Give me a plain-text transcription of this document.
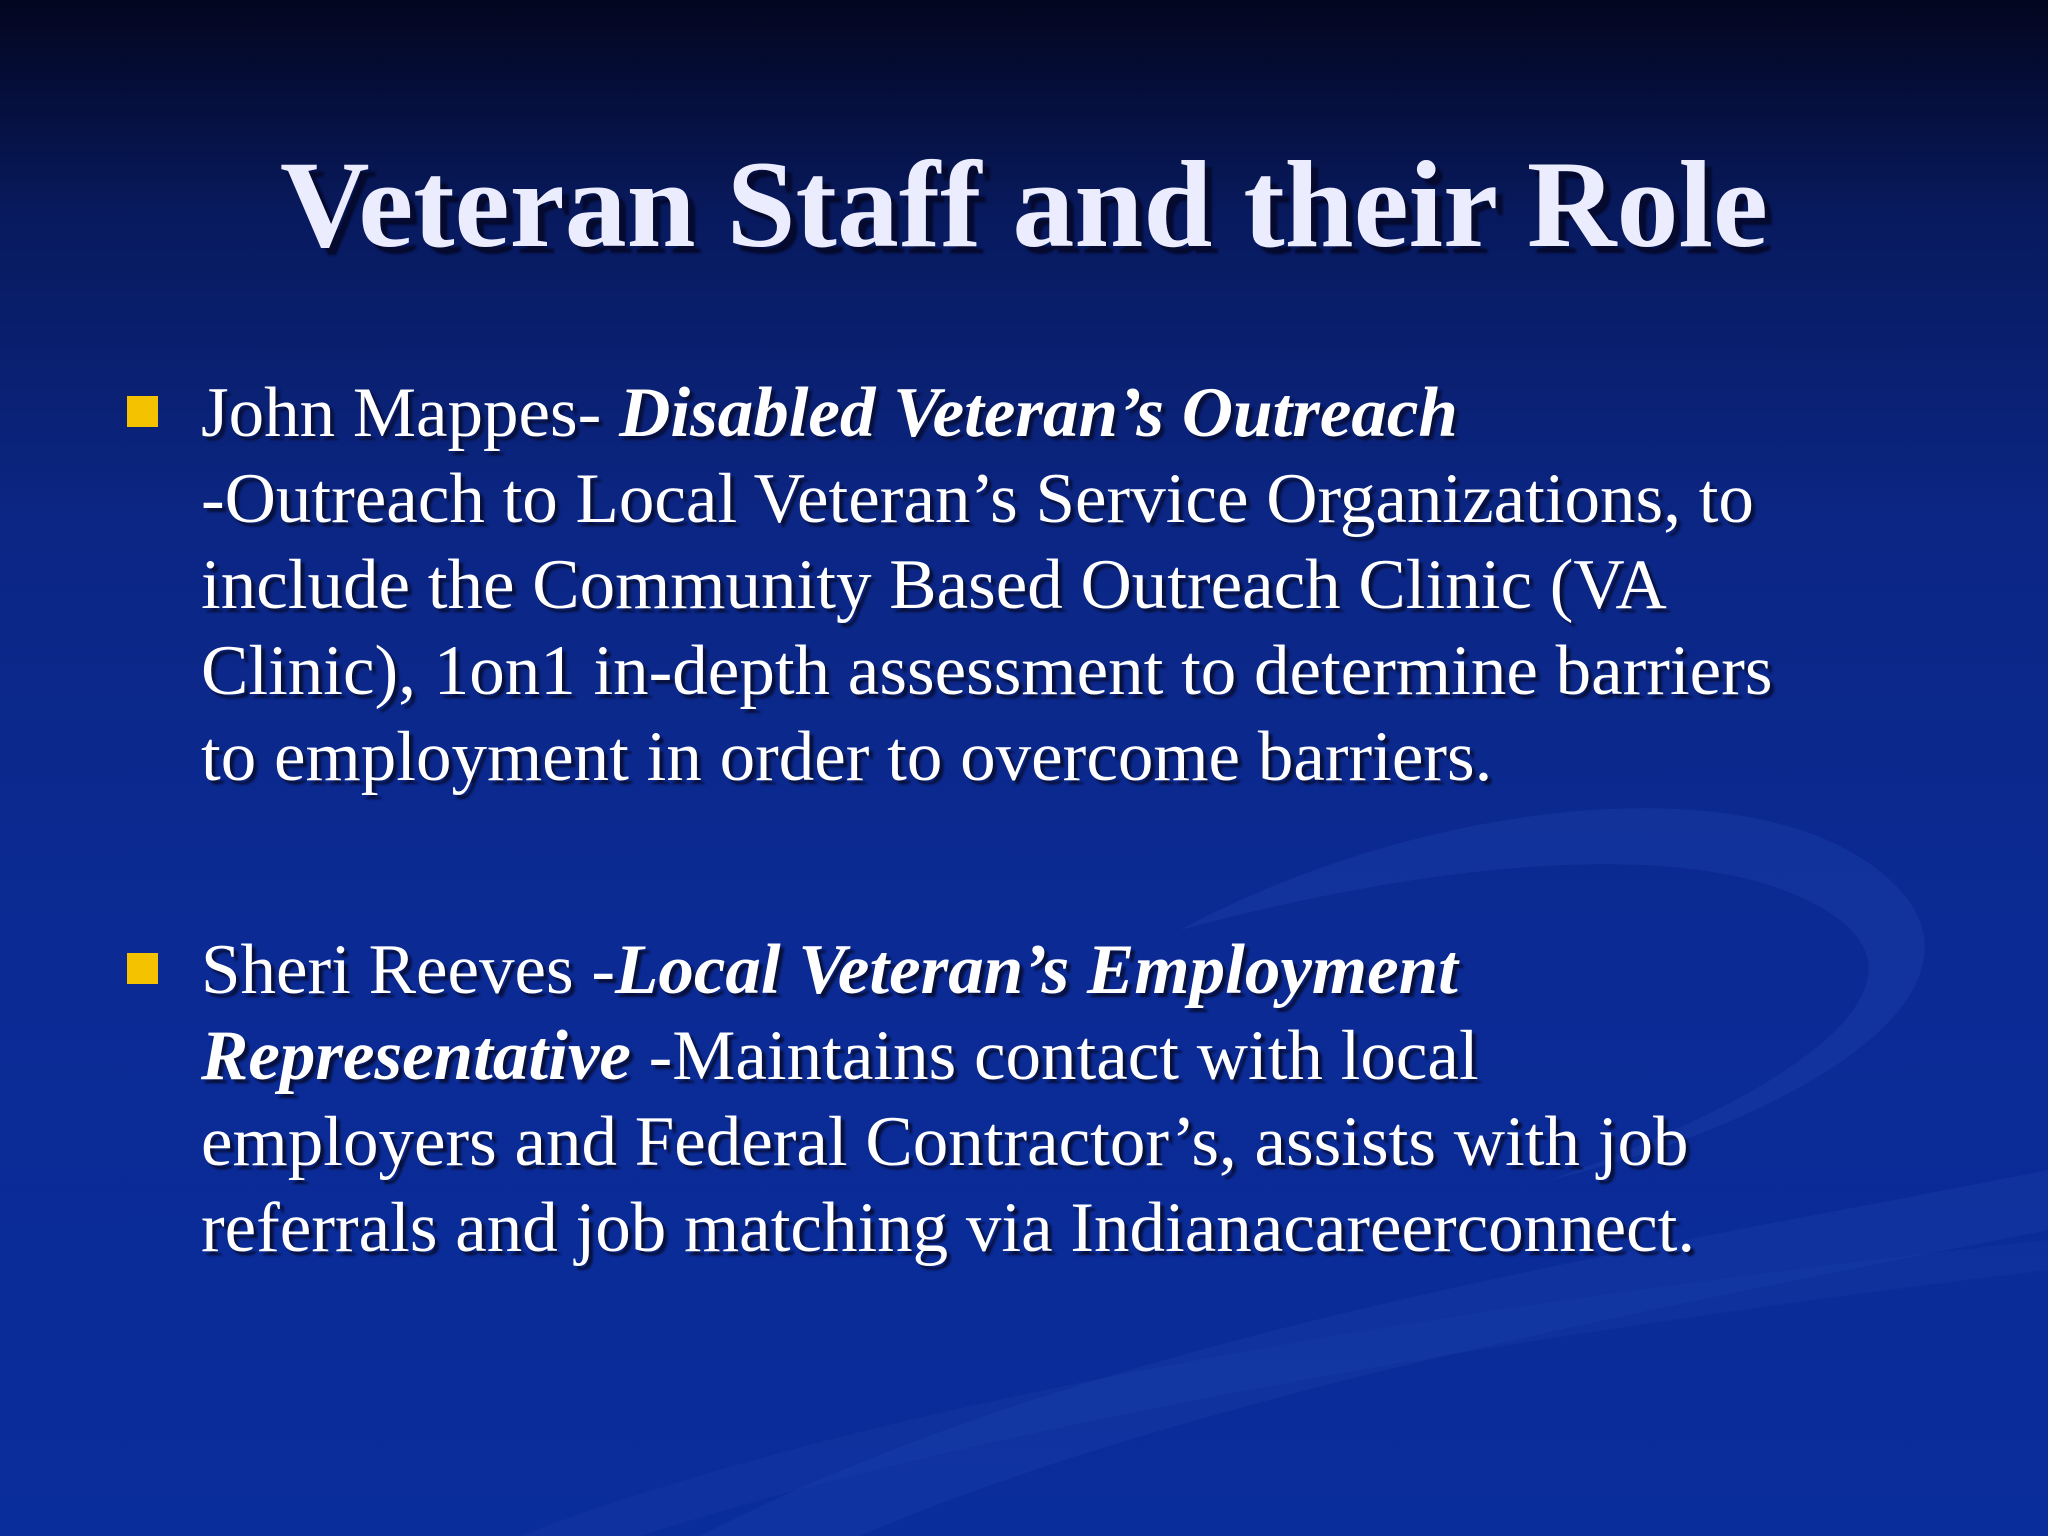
Veteran Staff and their Role
John Mappes- Disabled Veteran’s Outreach
-Outreach to Local Veteran’s Service Organizations, to
include the Community Based Outreach Clinic (VA
Clinic), 1on1 in-depth assessment to determine barriers
to employment in order to overcome barriers.
Sheri Reeves -Local Veteran’s Employment
Representative -Maintains contact with local
employers and Federal Contractor’s, assists with job
referrals and job matching via Indianacareerconnect.
